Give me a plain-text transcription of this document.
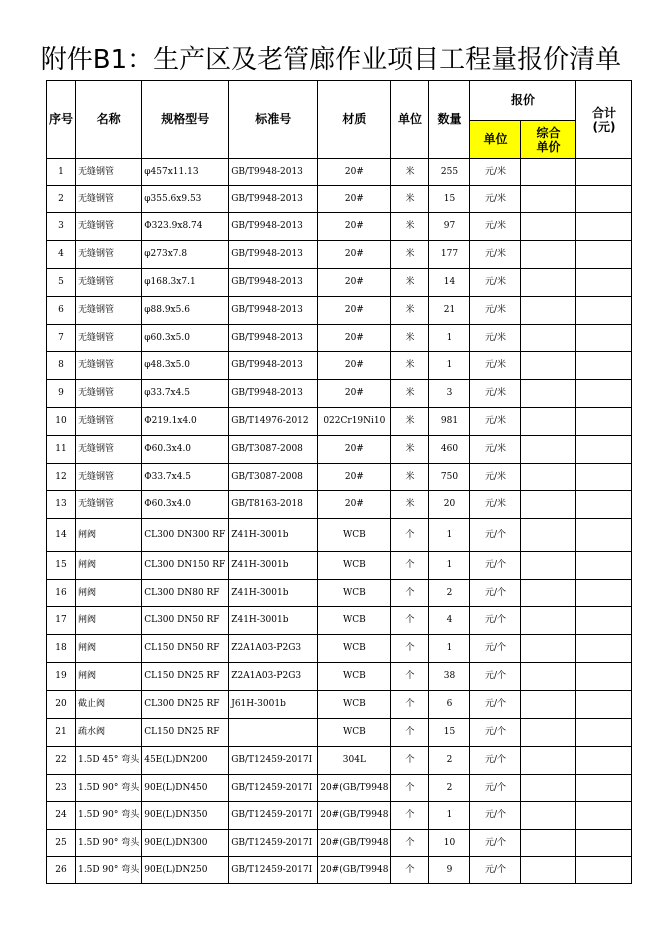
附件B1：生产区及老管廊作业项目工程量报价清单
序号	名称	规格型号	标准号	材质	单位	数量	报价		合计
(元)
							单位	综合
单价	
1	无缝钢管	φ457x11.13	GB/T9948-2013	20#	米	255	元/米		
2	无缝钢管	φ355.6x9.53	GB/T9948-2013	20#	米	15	元/米		
3	无缝钢管	Φ323.9x8.74	GB/T9948-2013	20#	米	97	元/米		
4	无缝钢管	φ273x7.8	GB/T9948-2013	20#	米	177	元/米		
5	无缝钢管	φ168.3x7.1	GB/T9948-2013	20#	米	14	元/米		
6	无缝钢管	φ88.9x5.6	GB/T9948-2013	20#	米	21	元/米		
7	无缝钢管	φ60.3x5.0	GB/T9948-2013	20#	米	1	元/米		
8	无缝钢管	φ48.3x5.0	GB/T9948-2013	20#	米	1	元/米		
9	无缝钢管	φ33.7x4.5	GB/T9948-2013	20#	米	3	元/米		
10	无缝钢管	Φ219.1x4.0	GB/T14976-2012	022Cr19Ni10	米	981	元/米		
11	无缝钢管	Φ60.3x4.0	GB/T3087-2008	20#	米	460	元/米		
12	无缝钢管	Φ33.7x4.5	GB/T3087-2008	20#	米	750	元/米		
13	无缝钢管	Φ60.3x4.0	GB/T8163-2018	20#	米	20	元/米		
14	闸阀	CL300 DN300 RF	Z41H-3001b	WCB	个	1	元/个		
15	闸阀	CL300 DN150 RF	Z41H-3001b	WCB	个	1	元/个		
16	闸阀	CL300 DN80 RF	Z41H-3001b	WCB	个	2	元/个		
17	闸阀	CL300 DN50 RF	Z41H-3001b	WCB	个	4	元/个		
18	闸阀	CL150 DN50 RF	Z2A1A03-P2G3	WCB	个	1	元/个		
19	闸阀	CL150 DN25 RF	Z2A1A03-P2G3	WCB	个	38	元/个		
20	截止阀	CL300 DN25 RF	J61H-3001b	WCB	个	6	元/个		
21	疏水阀	CL150 DN25 RF		WCB	个	15	元/个		
22	1.5D 45° 弯头	45E(L)DN200	GB/T12459-2017Ⅰ	304L	个	2	元/个		
23	1.5D 90° 弯头	90E(L)DN450	GB/T12459-2017Ⅰ	20#(GB/T9948	个	2	元/个		
24	1.5D 90° 弯头	90E(L)DN350	GB/T12459-2017Ⅰ	20#(GB/T9948	个	1	元/个		
25	1.5D 90° 弯头	90E(L)DN300	GB/T12459-2017Ⅰ	20#(GB/T9948	个	10	元/个		
26	1.5D 90° 弯头	90E(L)DN250	GB/T12459-2017Ⅰ	20#(GB/T9948	个	9	元/个		
